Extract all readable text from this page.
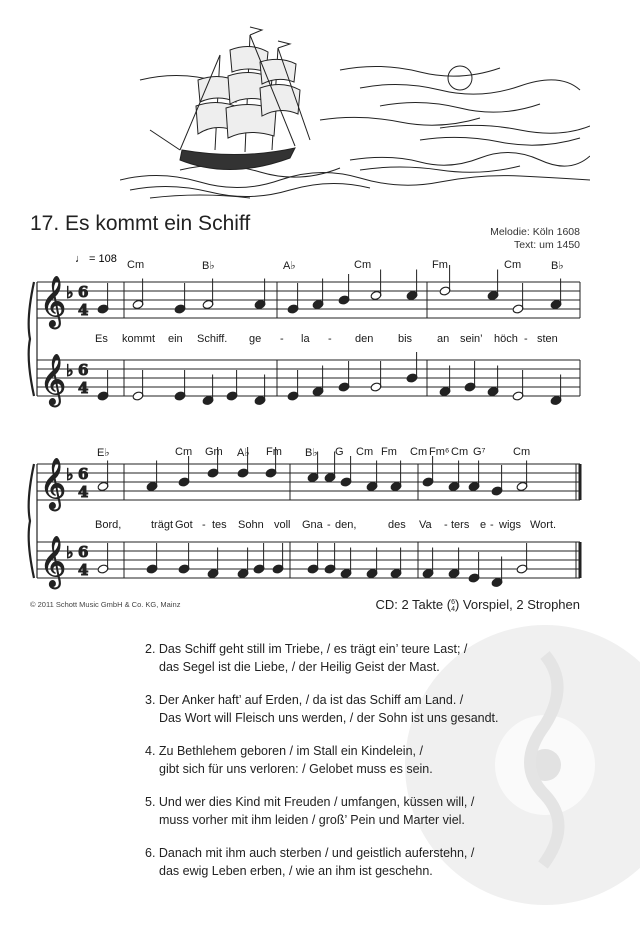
17. Es kommt ein Schiff	Melodie: Köln 1608
Text: um 1450
𝄞 ♭ 6
4
𝄞 ♭ 6
4
𝄞 ♭ 6
4
𝄞 ♭ 6
4
♩ = 108 Cm	B♭	A♭	Cm	Fm	Cm	B♭
Es kommt ein Schiff. ge - la - den bis an sein’ höch - sten
E♭	Cm Gm A♭ Fm B♭ G Cm Fm Cm Fm⁶ Cm G⁷ Cm
Bord,	trägt Got - tes Sohn voll Gna - den,	des Va - ters e - wigs Wort.
© 2011 Schott Music GmbH & Co. KG, Mainz	CD: 2 Takte ( 6
4 ) Vorspiel, 2 Strophen
2. Das Schiff geht still im Triebe, / es trägt ein’ teure Last; /
das Segel ist die Liebe, / der Heilig Geist der Mast.
3. Der Anker haft’ auf Erden, / da ist das Schiff am Land. /
Das Wort will Fleisch uns werden, / der Sohn ist uns gesandt.
4. Zu Bethlehem geboren / im Stall ein Kindelein, /
gibt sich für uns verloren: / Gelobet muss es sein.
5. Und wer dies Kind mit Freuden / umfangen, küssen will, /
muss vorher mit ihm leiden / groß’ Pein und Marter viel.
6. Danach mit ihm auch sterben / und geistlich auferstehn, /
das ewig Leben erben, / wie an ihm ist geschehn.
